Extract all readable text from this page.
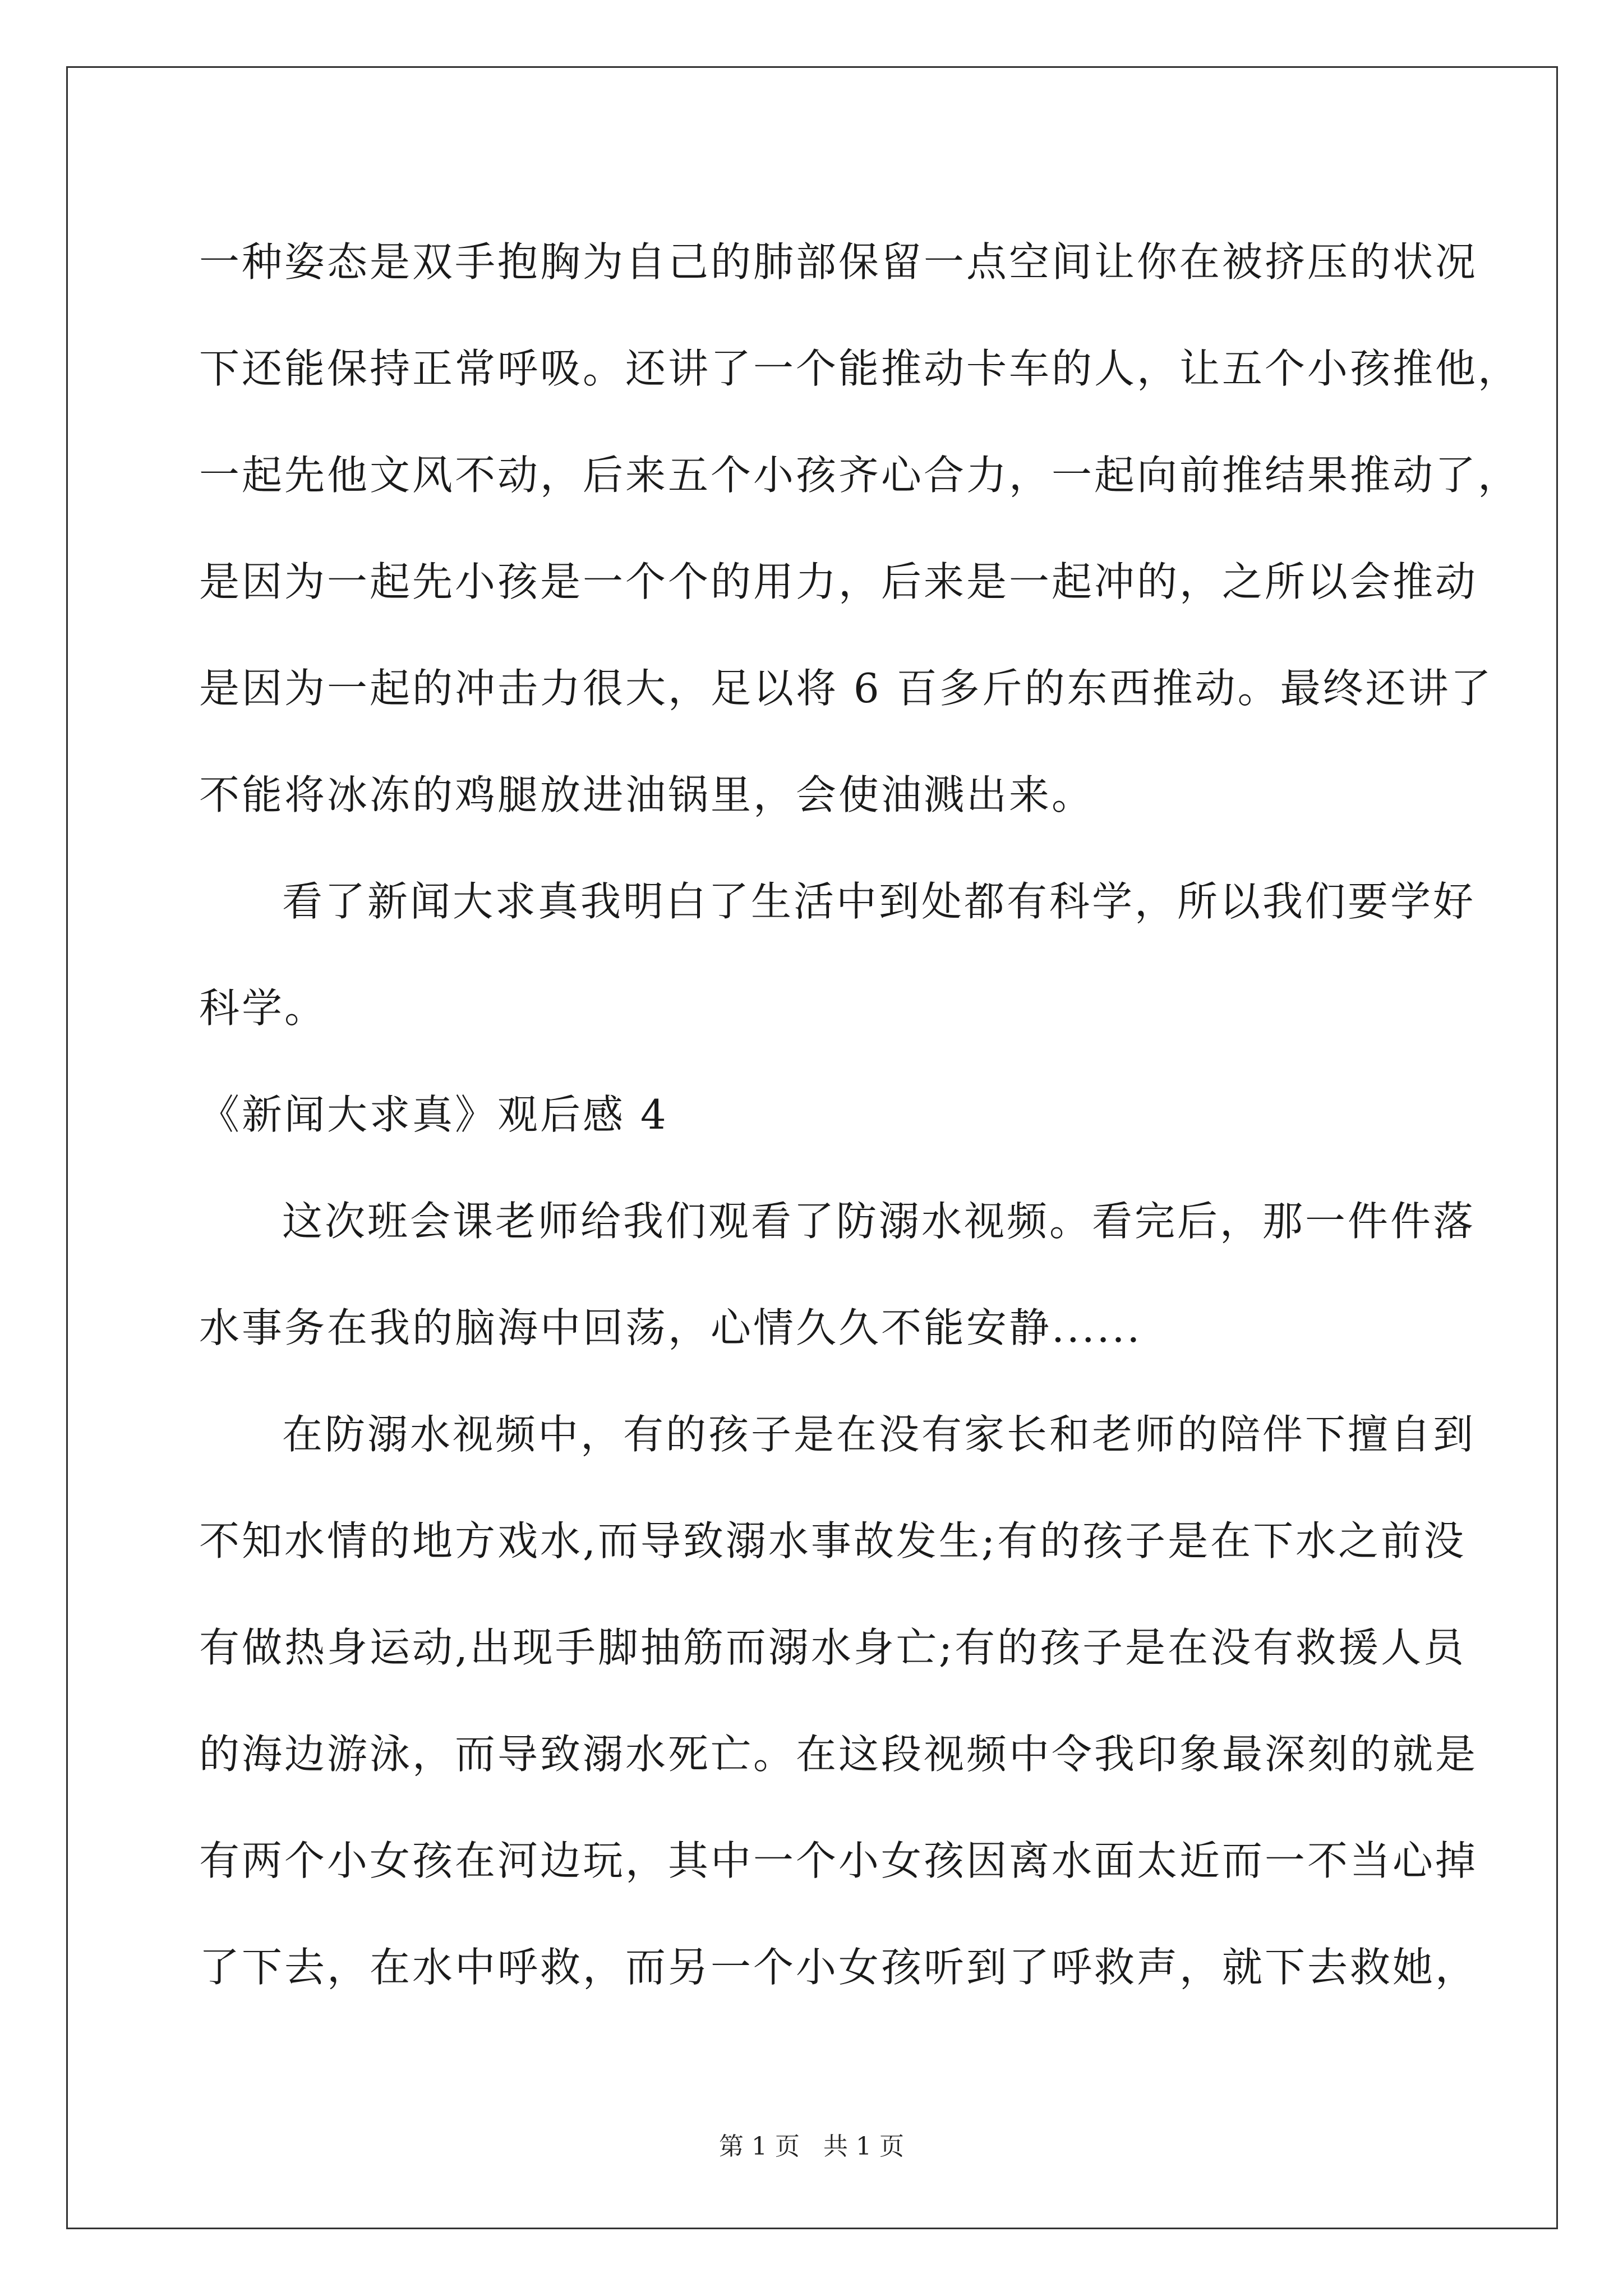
一种姿态是双手抱胸为自己的肺部保留一点空间让你在被挤压的状况
下还能保持正常呼吸。还讲了一个能推动卡车的人，让五个小孩推他，
一起先他文风不动，后来五个小孩齐心合力，一起向前推结果推动了，
是因为一起先小孩是一个个的用力，后来是一起冲的，之所以会推动
是因为一起的冲击力很大，足以将 6 百多斤的东西推动。最终还讲了
不能将冰冻的鸡腿放进油锅里，会使油溅出来。
看了新闻大求真我明白了生活中到处都有科学，所以我们要学好
科学。
《新闻大求真》观后感 4
这次班会课老师给我们观看了防溺水视频。看完后，那一件件落
水事务在我的脑海中回荡，心情久久不能安静......
在防溺水视频中，有的孩子是在没有家长和老师的陪伴下擅自到
不知水情的地方戏水,而导致溺水事故发生;有的孩子是在下水之前没
有做热身运动,出现手脚抽筋而溺水身亡;有的孩子是在没有救援人员
的海边游泳，而导致溺水死亡。在这段视频中令我印象最深刻的就是
有两个小女孩在河边玩，其中一个小女孩因离水面太近而一不当心掉
了下去，在水中呼救，而另一个小女孩听到了呼救声，就下去救她，
第 1 页 共 1 页
